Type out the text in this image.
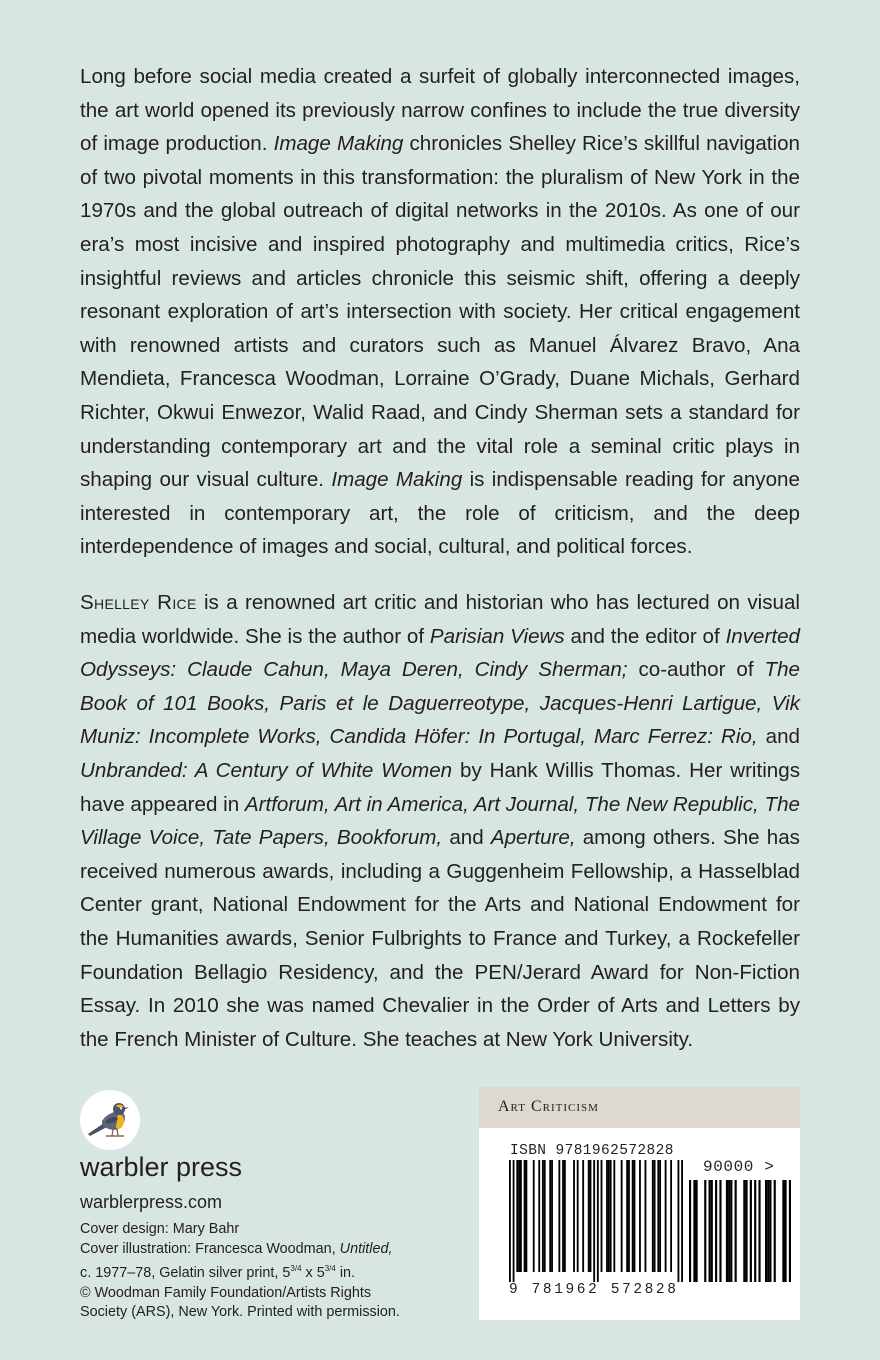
Long before social media created a surfeit of globally interconnected images, the art world opened its previously narrow confines to include the true diversity of image production. Image Making chronicles Shelley Rice’s skillful navigation of two pivotal moments in this transformation: the pluralism of New York in the 1970s and the global outreach of digital networks in the 2010s. As one of our era’s most incisive and inspired photography and multimedia critics, Rice’s insightful reviews and articles chronicle this seismic shift, offering a deeply resonant exploration of art’s intersection with society. Her critical engagement with renowned artists and curators such as Manuel Álvarez Bravo, Ana Mendieta, Francesca Woodman, Lorraine O’Grady, Duane Michals, Gerhard Richter, Okwui Enwezor, Walid Raad, and Cindy Sherman sets a standard for understanding contemporary art and the vital role a seminal critic plays in shaping our visual culture. Image Making is indispensable reading for anyone interested in contemporary art, the role of criticism, and the deep interdependence of images and social, cultural, and political forces.

Shelley Rice is a renowned art critic and historian who has lectured on visual media worldwide. She is the author of Parisian Views and the editor of Inverted Odysseys: Claude Cahun, Maya Deren, Cindy Sherman; co-author of The Book of 101 Books, Paris et le Daguerreotype, Jacques-Henri Lartigue, Vik Muniz: Incomplete Works, Candida Höfer: In Portugal, Marc Ferrez: Rio, and Unbranded: A Century of White Women by Hank Willis Thomas. Her writings have appeared in Artforum, Art in America, Art Journal, The New Republic, The Village Voice, Tate Papers, Bookforum, and Aperture, among others. She has received numerous awards, including a Guggenheim Fellowship, a Hasselblad Center grant, National Endowment for the Arts and National Endowment for the Humanities awards, Senior Fulbrights to France and Turkey, a Rockefeller Foundation Bellagio Residency, and the PEN/Jerard Award for Non-Fiction Essay. In 2010 she was named Chevalier in the Order of Arts and Letters by the French Minister of Culture. She teaches at New York University.

warbler press
warblerpress.com
Cover design: Mary Bahr
Cover illustration: Francesca Woodman, Untitled,
c. 1977–78, Gelatin silver print, $5^{3/4}$ x $5^{3/4}$ in.
© Woodman Family Foundation/Artists Rights
Society (ARS), New York. Printed with permission.
Art Criticism
ISBN 9781962572828
90000 >
9 781962 572828
